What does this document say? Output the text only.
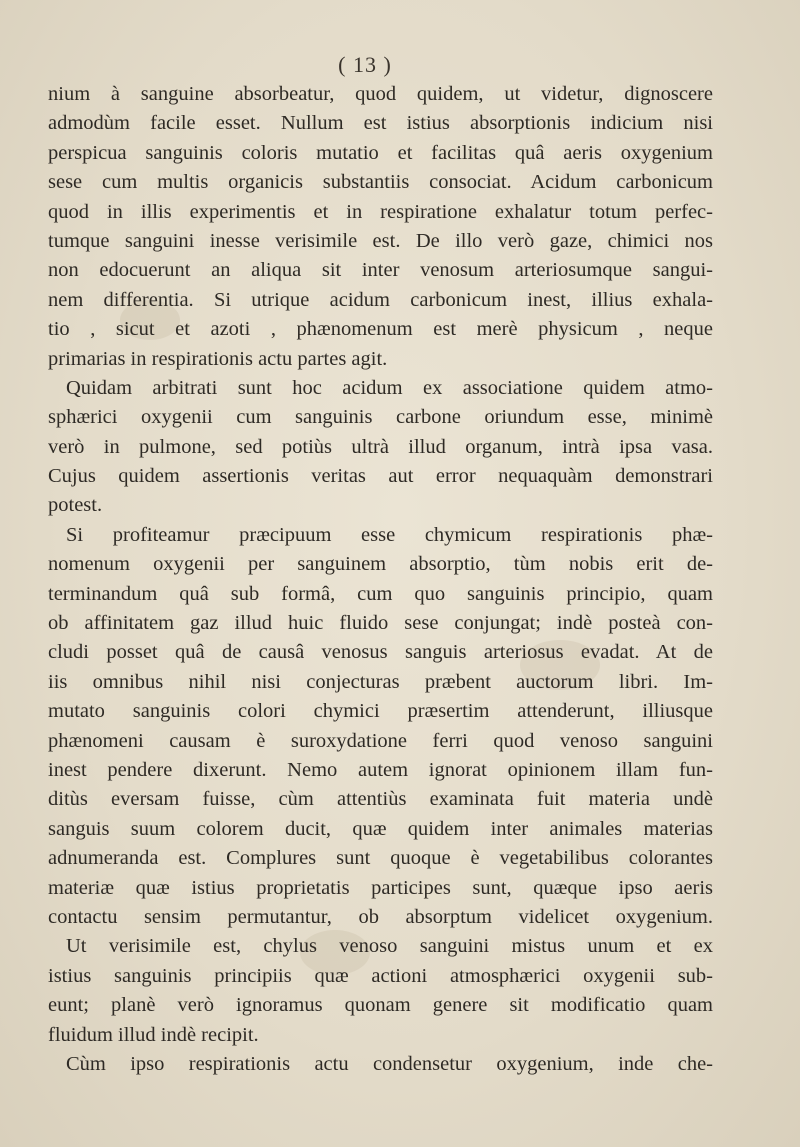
( 13 )
nium à sanguine absorbeatur, quod quidem, ut videtur, dignoscere
admodùm facile esset. Nullum est istius absorptionis indicium nisi
perspicua sanguinis coloris mutatio et facilitas quâ aeris oxygenium
sese cum multis organicis substantiis consociat. Acidum carbonicum
quod in illis experimentis et in respiratione exhalatur totum perfec-
tumque sanguini inesse verisimile est. De illo verò gaze, chimici nos
non edocuerunt an aliqua sit inter venosum arteriosumque sangui-
nem differentia. Si utrique acidum carbonicum inest, illius exhala-
tio , sicut et azoti , phænomenum est merè physicum , neque
primarias in respirationis actu partes agit.
Quidam arbitrati sunt hoc acidum ex associatione quidem atmo-
sphærici oxygenii cum sanguinis carbone oriundum esse, minimè
verò in pulmone, sed potiùs ultrà illud organum, intrà ipsa vasa.
Cujus quidem assertionis veritas aut error nequaquàm demonstrari
potest.
Si profiteamur præcipuum esse chymicum respirationis phæ-
nomenum oxygenii per sanguinem absorptio, tùm nobis erit de-
terminandum quâ sub formâ, cum quo sanguinis principio, quam
ob affinitatem gaz illud huic fluido sese conjungat; indè posteà con-
cludi posset quâ de causâ venosus sanguis arteriosus evadat. At de
iis omnibus nihil nisi conjecturas præbent auctorum libri. Im-
mutato sanguinis colori chymici præsertim attenderunt, illiusque
phænomeni causam è suroxydatione ferri quod venoso sanguini
inest pendere dixerunt. Nemo autem ignorat opinionem illam fun-
ditùs eversam fuisse, cùm attentiùs examinata fuit materia undè
sanguis suum colorem ducit, quæ quidem inter animales materias
adnumeranda est. Complures sunt quoque è vegetabilibus colorantes
materiæ quæ istius proprietatis participes sunt, quæque ipso aeris
contactu sensim permutantur, ob absorptum videlicet oxygenium.
Ut verisimile est, chylus venoso sanguini mistus unum et ex
istius sanguinis principiis quæ actioni atmosphærici oxygenii sub-
eunt; planè verò ignoramus quonam genere sit modificatio quam
fluidum illud indè recipit.
Cùm ipso respirationis actu condensetur oxygenium, inde che-
